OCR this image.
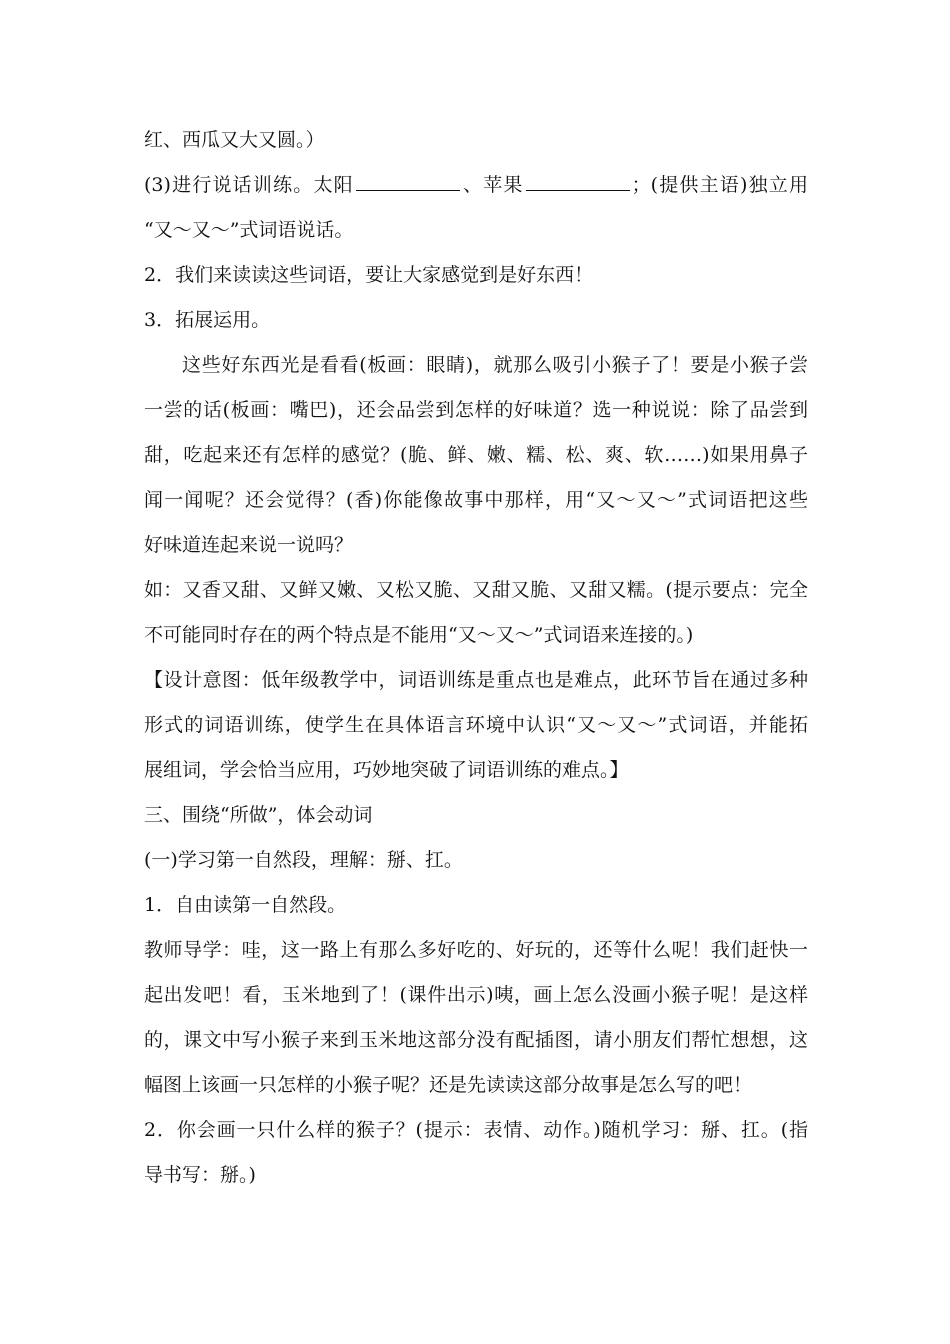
红、西瓜又大又圆。）

(3)进行说话训练。太阳	、苹果	；(提供主语)独立用

“又～又～”式词语说话。

2．我们来读读这些词语，要让大家感觉到是好东西！

3．拓展运用。

这些好东西光是看看(板画：眼睛)，就那么吸引小猴子了！要是小猴子尝

一尝的话(板画：嘴巴)，还会品尝到怎样的好味道？选一种说说：除了品尝到

甜，吃起来还有怎样的感觉？(脆、鲜、嫩、糯、松、爽、软……)如果用鼻子

闻一闻呢？还会觉得？(香)你能像故事中那样，用“又～又～”式词语把这些

好味道连起来说一说吗？

如：又香又甜、又鲜又嫩、又松又脆、又甜又脆、又甜又糯。(提示要点：完全

不可能同时存在的两个特点是不能用“又～又～”式词语来连接的。)

【设计意图：低年级教学中，词语训练是重点也是难点，此环节旨在通过多种

形式的词语训练，使学生在具体语言环境中认识“又～又～”式词语，并能拓

展组词，学会恰当应用，巧妙地突破了词语训练的难点。】

三、围绕“所做”，体会动词

(一)学习第一自然段，理解：掰、扛。

1．自由读第一自然段。

教师导学：哇，这一路上有那么多好吃的、好玩的，还等什么呢！我们赶快一

起出发吧！看，玉米地到了！(课件出示)咦，画上怎么没画小猴子呢！是这样

的，课文中写小猴子来到玉米地这部分没有配插图，请小朋友们帮忙想想，这

幅图上该画一只怎样的小猴子呢？还是先读读这部分故事是怎么写的吧！

2．你会画一只什么样的猴子？(提示：表情、动作。)随机学习：掰、扛。(指

导书写：掰。)
